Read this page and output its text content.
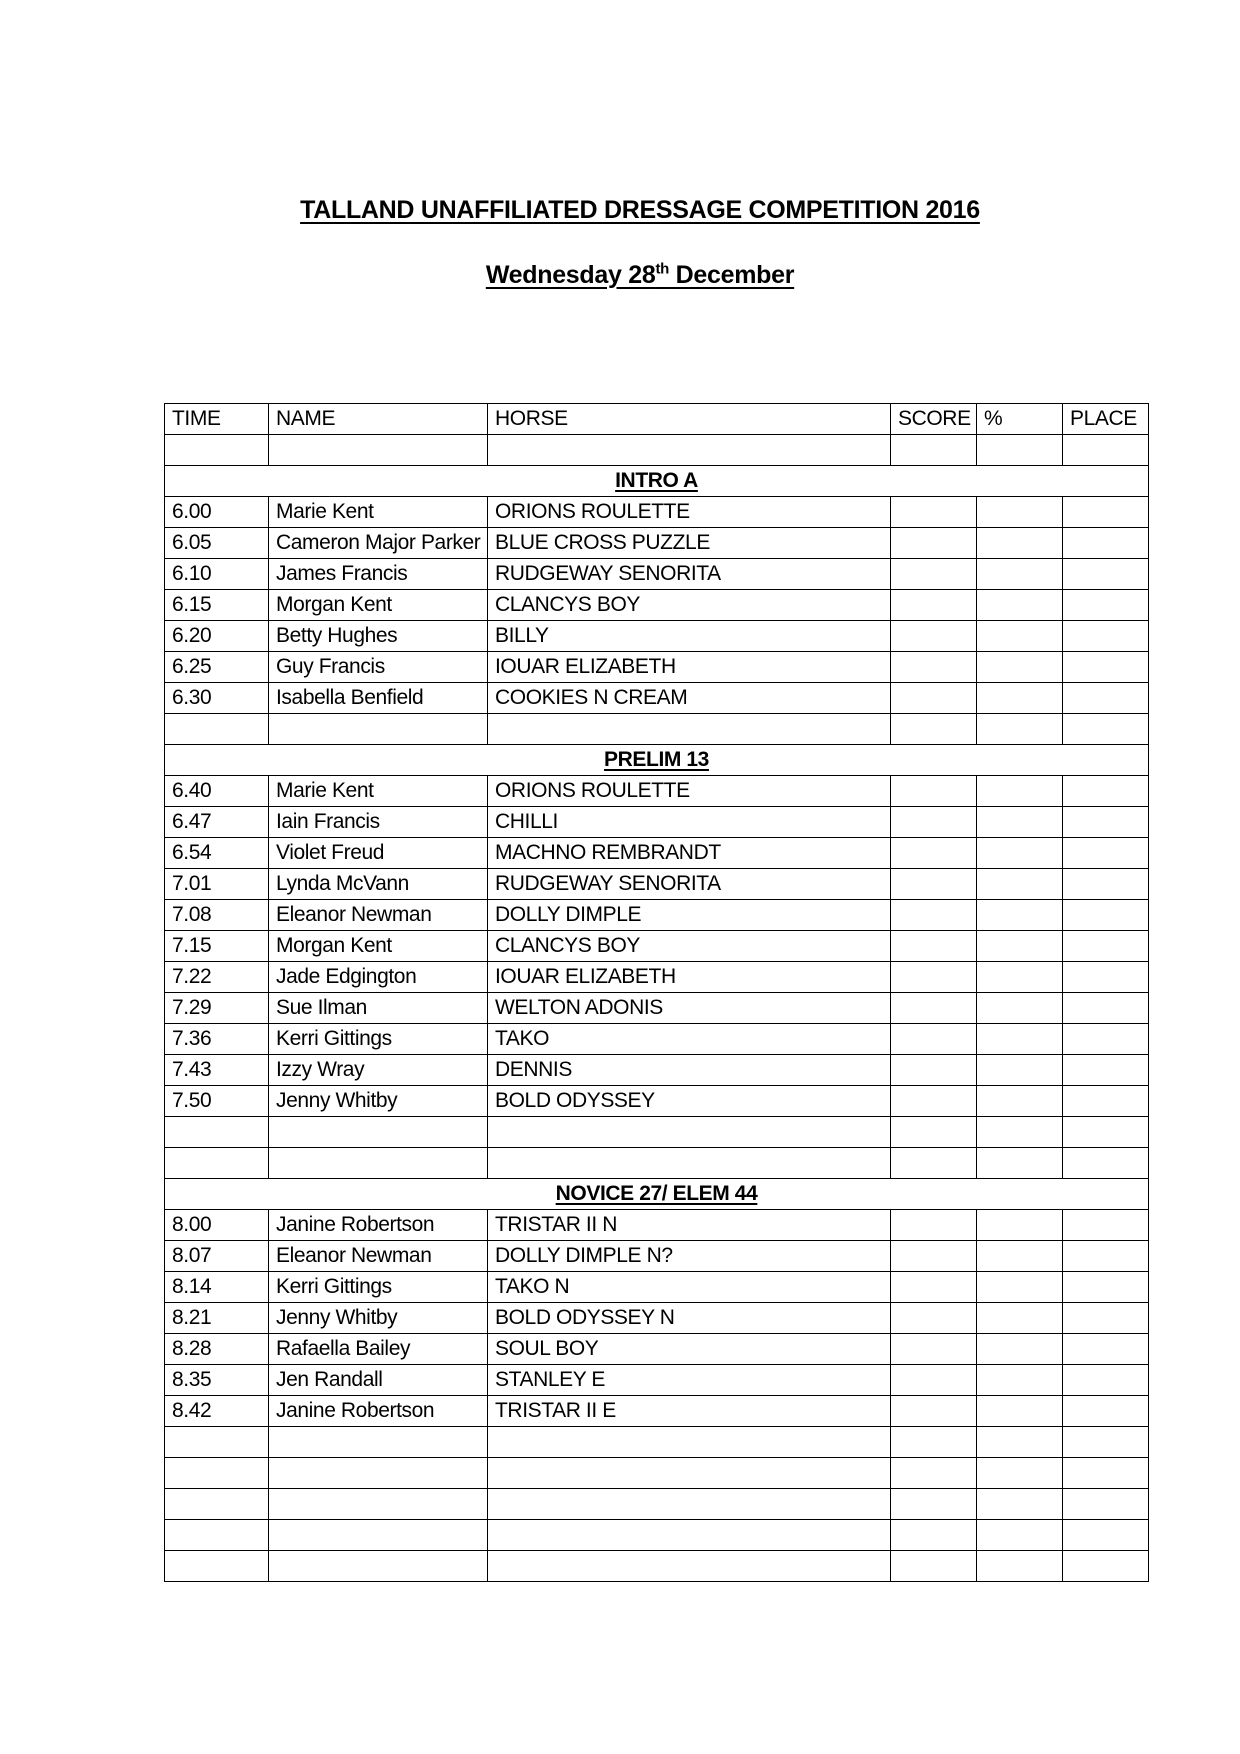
TALLAND UNAFFILIATED DRESSAGE COMPETITION 2016
Wednesday 28th December
TIME	NAME	HORSE	SCORE	%	PLACE

INTRO A					
6.00	Marie Kent	ORIONS ROULETTE			
6.05	Cameron Major Parker	BLUE CROSS PUZZLE			
6.10	James Francis	RUDGEWAY SENORITA			
6.15	Morgan Kent	CLANCYS BOY			
6.20	Betty Hughes	BILLY			
6.25	Guy Francis	IOUAR ELIZABETH			
6.30	Isabella Benfield	COOKIES N CREAM			

PRELIM 13					
6.40	Marie Kent	ORIONS ROULETTE			
6.47	Iain Francis	CHILLI			
6.54	Violet Freud	MACHNO REMBRANDT			
7.01	Lynda McVann	RUDGEWAY SENORITA			
7.08	Eleanor Newman	DOLLY DIMPLE			
7.15	Morgan Kent	CLANCYS BOY			
7.22	Jade Edgington	IOUAR ELIZABETH			
7.29	Sue Ilman	WELTON ADONIS			
7.36	Kerri Gittings	TAKO			
7.43	Izzy Wray	DENNIS			
7.50	Jenny Whitby	BOLD ODYSSEY			

NOVICE 27/ ELEM 44					
8.00	Janine Robertson	TRISTAR II N			
8.07	Eleanor Newman	DOLLY DIMPLE N?			
8.14	Kerri Gittings	TAKO N			
8.21	Jenny Whitby	BOLD ODYSSEY N			
8.28	Rafaella Bailey	SOUL BOY			
8.35	Jen Randall	STANLEY E			
8.42	Janine Robertson	TRISTAR II E			
